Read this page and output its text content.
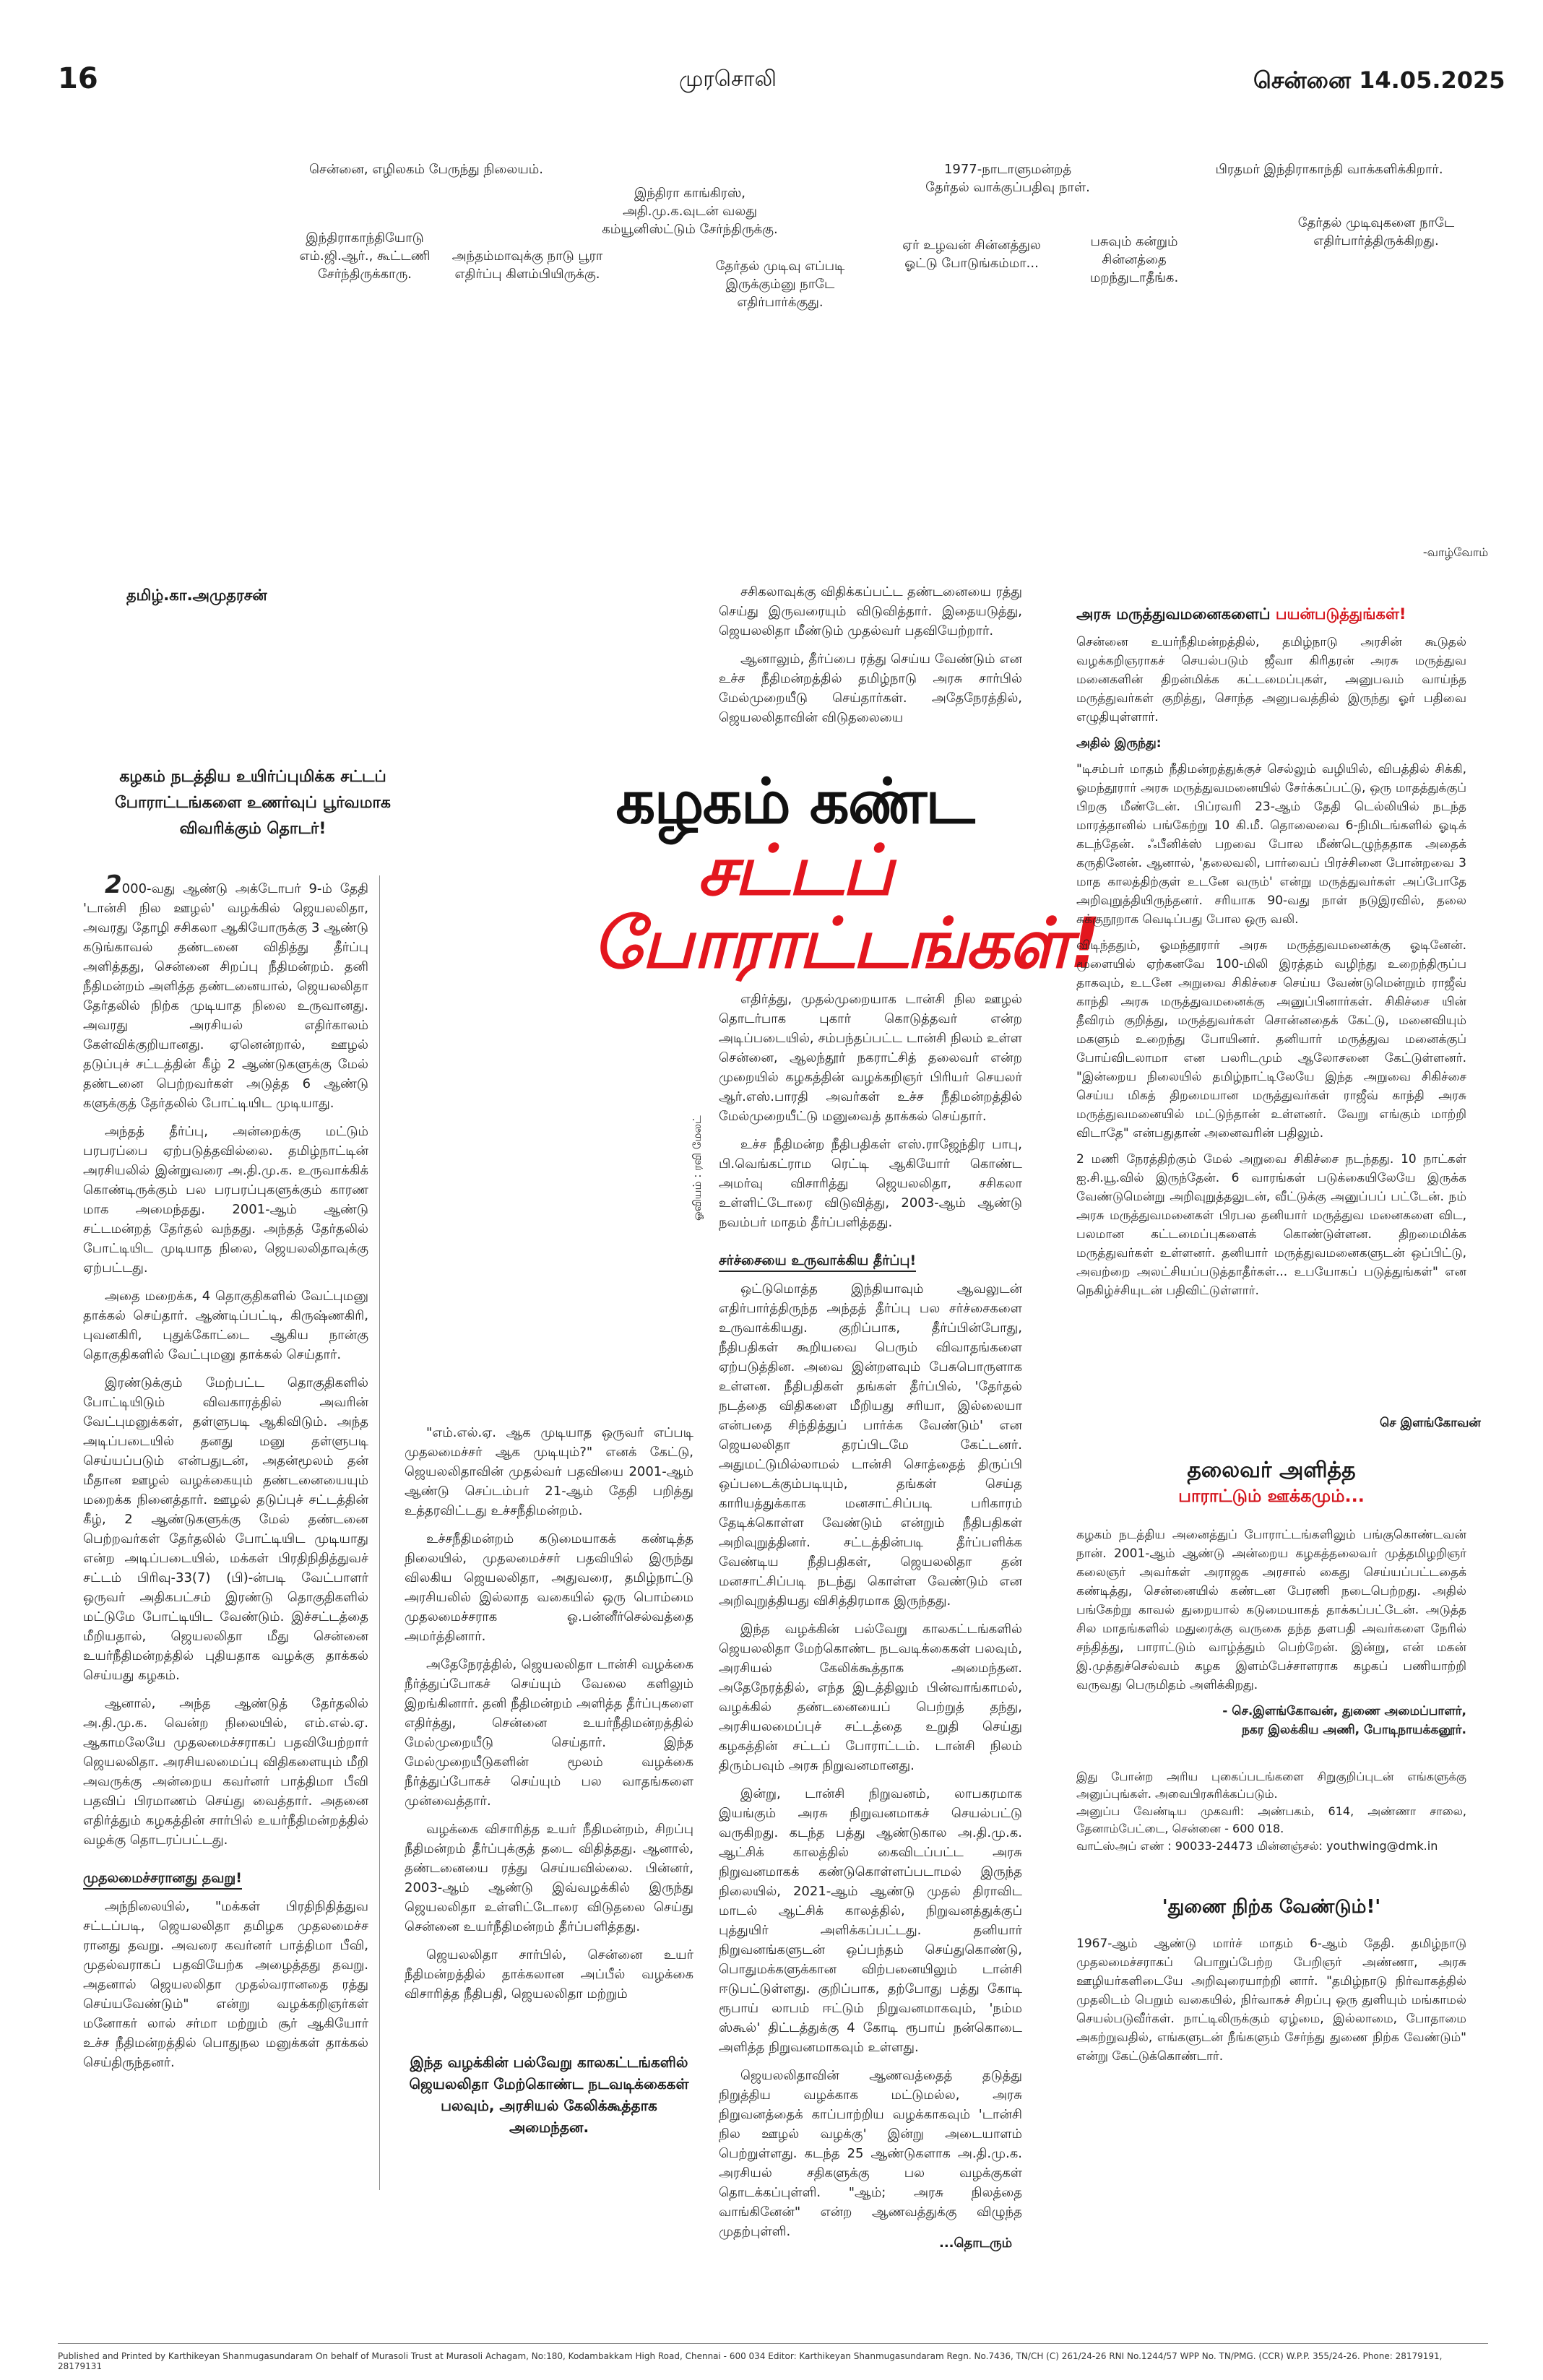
16	முரசொலி	சென்னை 14.05.2025
சென்னை, எழிலகம் பேருந்து நிலையம்.
இந்திரா காங்கிரஸ், அதி.மு.க.வுடன் வலது கம்யூனிஸ்ட்டும் சேர்ந்திருக்கு.
1977-நாடாளுமன்றத் தேர்தல் வாக்குப்பதிவு நாள்.
பிரதமர் இந்திராகாந்தி வாக்களிக்கிறார்.
இந்திராகாந்தியோடு எம்.ஜி.ஆர்., கூட்டணி சேர்ந்திருக்காரு.
அந்தம்மாவுக்கு நாடு பூரா எதிர்ப்பு கிளம்பியிருக்கு.
தேர்தல் முடிவு எப்படி இருக்கும்னு நாடே எதிர்பார்க்குது.
ஏர் உழவன் சின்னத்துல ஓட்டு போடுங்கம்மா...
பசுவும் கன்றும் சின்னத்தை மறந்துடாதீங்க.
தேர்தல் முடிவுகளை நாடே எதிர்பார்த்திருக்கிறது.
-வாழ்வோம்
தமிழ்.கா.அமுதரசன்
கழகம் நடத்திய உயிர்ப்புமிக்க சட்டப் போராட்டங்களை உணர்வுப் பூர்வமாக விவரிக்கும் தொடர்!	கழகம் கண்ட
சட்டப்
போராட்டங்கள்!
ஓவியம் : ரவி மேலட்

2000-வது ஆண்டு அக்டோபர் 9-ம் தேதி 'டான்சி நில ஊழல்' வழக்கில் ஜெயலலிதா, அவரது தோழி சசிகலா ஆகியோருக்கு 3 ஆண்டு கடுங்காவல் தண்டனை விதித்து தீர்ப்பு அளித்தது, சென்னை சிறப்பு நீதிமன்றம். தனி நீதிமன்றம் அளித்த தண்டனையால், ஜெயலலிதா தேர்தலில் நிற்க முடியாத நிலை உருவானது. அவரது அரசியல் எதிர்காலம் கேள்விக்குறியானது. ஏனென்றால், ஊழல் தடுப்புச் சட்டத்தின் கீழ் 2 ஆண்டுகளுக்கு மேல் தண்டனை பெற்றவர்கள் அடுத்த 6 ஆண்டு களுக்குத் தேர்தலில் போட்டியிட முடியாது.

அந்தத் தீர்ப்பு, அன்றைக்கு மட்டும் பரபரப்பை ஏற்படுத்தவில்லை. தமிழ்நாட்டின் அரசியலில் இன்றுவரை அ.தி.மு.க. உருவாக்கிக் கொண்டிருக்கும் பல பரபரப்புகளுக்கும் காரண மாக அமைந்தது. 2001-ஆம் ஆண்டு சட்டமன்றத் தேர்தல் வந்தது. அந்தத் தேர்தலில் போட்டியிட முடியாத நிலை, ஜெயலலிதாவுக்கு ஏற்பட்டது.

அதை மறைக்க, 4 தொகுதிகளில் வேட்புமனு தாக்கல் செய்தார். ஆண்டிப்பட்டி, கிருஷ்ணகிரி, புவனகிரி, புதுக்கோட்டை ஆகிய நான்கு தொகுதிகளில் வேட்புமனு தாக்கல் செய்தார்.

இரண்டுக்கும் மேற்பட்ட தொகுதிகளில் போட்டியிடும் விவகாரத்தில் அவரின் வேட்புமனுக்கள், தள்ளுபடி ஆகிவிடும். அந்த அடிப்படையில் தனது மனு தள்ளுபடி செய்யப்படும் என்பதுடன், அதன்மூலம் தன் மீதான ஊழல் வழக்கையும் தண்டனையையும் மறைக்க நினைத்தார். ஊழல் தடுப்புச் சட்டத்தின் கீழ், 2 ஆண்டுகளுக்கு மேல் தண்டனை பெற்றவர்கள் தேர்தலில் போட்டியிட முடியாது என்ற அடிப்படையில், மக்கள் பிரதிநிதித்துவச் சட்டம் பிரிவு-33(7) (பி)-ன்படி வேட்பாளர் ஒருவர் அதிகபட்சம் இரண்டு தொகுதிகளில் மட்டுமே போட்டியிட வேண்டும். இச்சட்டத்தை மீறியதால், ஜெயலலிதா மீது சென்னை உயர்நீதிமன்றத்தில் புதியதாக வழக்கு தாக்கல் செய்யது கழகம்.

ஆனால், அந்த ஆண்டுத் தேர்தலில் அ.தி.மு.க. வென்ற நிலையில், எம்.எல்.ஏ. ஆகாமலேயே முதலமைச்சராகப் பதவியேற்றார் ஜெயலலிதா. அரசியலமைப்பு விதிகளையும் மீறி அவருக்கு அன்றைய கவர்னர் பாத்திமா பீவி பதவிப் பிரமாணம் செய்து வைத்தார். அதனை எதிர்த்தும் கழகத்தின் சார்பில் உயர்நீதிமன்றத்தில் வழக்கு தொடரப்பட்டது.

முதலமைச்சரானது தவறு!

அந்நிலையில், "மக்கள் பிரதிநிதித்துவ சட்டப்படி, ஜெயலலிதா தமிழக முதலமைச்ச ரானது தவறு. அவரை கவர்னர் பாத்திமா பீவி, முதல்வராகப் பதவியேற்க அழைத்தது தவறு. அதனால் ஜெயலலிதா முதல்வரானதை ரத்து செய்யவேண்டும்" என்று வழக்கறிஞர்கள் மனோகர் லால் சர்மா மற்றும் சூர் ஆகியோர் உச்ச நீதிமன்றத்தில் பொதுநல மனுக்கள் தாக்கல் செய்திருந்தனர்.

"எம்.எல்.ஏ. ஆக முடியாத ஒருவர் எப்படி முதலமைச்சர் ஆக முடியும்?" எனக் கேட்டு, ஜெயலலிதாவின் முதல்வர் பதவியை 2001-ஆம் ஆண்டு செப்டம்பர் 21-ஆம் தேதி பறித்து உத்தரவிட்டது உச்சநீதிமன்றம்.

உச்சநீதிமன்றம் கடுமையாகக் கண்டித்த நிலையில், முதலமைச்சர் பதவியில் இருந்து விலகிய ஜெயலலிதா, அதுவரை, தமிழ்நாட்டு அரசியலில் இல்லாத வகையில் ஒரு பொம்மை முதலமைச்சராக ஓ.பன்னீர்செல்வத்தை அமர்த்தினார்.

அதேநேரத்தில், ஜெயலலிதா டான்சி வழக்கை நீர்த்துப்போகச் செய்யும் வேலை களிலும் இறங்கினார். தனி நீதிமன்றம் அளித்த தீர்ப்புகளை எதிர்த்து, சென்னை உயர்நீதிமன்றத்தில் மேல்முறையீடு செய்தார். இந்த மேல்முறையீடுகளின் மூலம் வழக்கை நீர்த்துப்போகச் செய்யும் பல வாதங்களை முன்வைத்தார்.

வழக்கை விசாரித்த உயர் நீதிமன்றம், சிறப்பு நீதிமன்றம் தீர்ப்புக்குத் தடை விதித்தது. ஆனால், தண்டனையை ரத்து செய்யவில்லை. பின்னர், 2003-ஆம் ஆண்டு இவ்வழக்கில் இருந்து ஜெயலலிதா உள்ளிட்டோரை விடுதலை செய்து சென்னை உயர்நீதிமன்றம் தீர்ப்பளித்தது.

ஜெயலலிதா சார்பில், சென்னை உயர் நீதிமன்றத்தில் தாக்கலான அப்பீல் வழக்கை விசாரித்த நீதிபதி, ஜெயலலிதா மற்றும்

இந்த வழக்கின் பல்வேறு காலகட்டங்களில் ஜெயலலிதா மேற்கொண்ட நடவடிக்கைகள் பலவும், அரசியல் கேலிக்கூத்தாக அமைந்தன.

சசிகலாவுக்கு விதிக்கப்பட்ட தண்டனையை ரத்து செய்து இருவரையும் விடுவித்தார். இதையடுத்து, ஜெயலலிதா மீண்டும் முதல்வர் பதவியேற்றார்.

ஆனாலும், தீர்ப்பை ரத்து செய்ய வேண்டும் என உச்ச நீதிமன்றத்தில் தமிழ்நாடு அரசு சார்பில் மேல்முறையீடு செய்தார்கள். அதேநேரத்தில், ஜெயலலிதாவின் விடுதலையை

எதிர்த்து, முதல்முறையாக டான்சி நில ஊழல் தொடர்பாக புகார் கொடுத்தவர் என்ற அடிப்படையில், சம்பந்தப்பட்ட டான்சி நிலம் உள்ள சென்னை, ஆலந்தூர் நகராட்சித் தலைவர் என்ற முறையில் கழகத்தின் வழக்கறிஞர் பிரியர் செயலர் ஆர்.எஸ்.பாரதி அவர்கள் உச்ச நீதிமன்றத்தில் மேல்முறையீட்டு மனுவைத் தாக்கல் செய்தார்.

உச்ச நீதிமன்ற நீதிபதிகள் எஸ்.ராஜேந்திர பாபு, பி.வெங்கட்ராம ரெட்டி ஆகியோர் கொண்ட அமர்வு விசாரித்து ஜெயலலிதா, சசிகலா உள்ளிட்டோரை விடுவித்து, 2003-ஆம் ஆண்டு நவம்பர் மாதம் தீர்ப்பளித்தது.

சர்ச்சையை உருவாக்கிய தீர்ப்பு!

ஒட்டுமொத்த இந்தியாவும் ஆவலுடன் எதிர்பார்த்திருந்த அந்தத் தீர்ப்பு பல சர்ச்சைகளை உருவாக்கியது. குறிப்பாக, தீர்ப்பின்போது, நீதிபதிகள் கூறியவை பெரும் விவாதங்களை ஏற்படுத்தின. அவை இன்றளவும் பேசுபொருளாக உள்ளன. நீதிபதிகள் தங்கள் தீர்ப்பில், 'தேர்தல் நடத்தை விதிகளை மீறியது சரியா, இல்லையா என்பதை சிந்தித்துப் பார்க்க வேண்டும்' என ஜெயலலிதா தரப்பிடமே கேட்டனர். அதுமட்டுமில்லாமல் டான்சி சொத்தைத் திருப்பி ஒப்படைக்கும்படியும், தங்கள் செய்த காரியத்துக்காக மனசாட்சிப்படி பரிகாரம் தேடிக்கொள்ள வேண்டும் என்றும் நீதிபதிகள் அறிவுறுத்தினர். சட்டத்தின்படி தீர்ப்பளிக்க வேண்டிய நீதிபதிகள், ஜெயலலிதா தன் மனசாட்சிப்படி நடந்து கொள்ள வேண்டும் என அறிவுறுத்தியது விசித்திரமாக இருந்தது.

இந்த வழக்கின் பல்வேறு காலகட்டங்களில் ஜெயலலிதா மேற்கொண்ட நடவடிக்கைகள் பலவும், அரசியல் கேலிக்கூத்தாக அமைந்தன. அதேநேரத்தில், எந்த இடத்திலும் பின்வாங்காமல், வழக்கில் தண்டனையைப் பெற்றுத் தந்து, அரசியலமைப்புச் சட்டத்தை உறுதி செய்து கழகத்தின் சட்டப் போராட்டம். டான்சி நிலம் திரும்பவும் அரசு நிறுவனமானது.

இன்று, டான்சி நிறுவனம், லாபகரமாக இயங்கும் அரசு நிறுவனமாகச் செயல்பட்டு வருகிறது. கடந்த பத்து ஆண்டுகால அ.தி.மு.க. ஆட்சிக் காலத்தில் கைவிடப்பட்ட அரசு நிறுவனமாகக் கண்டுகொள்ளப்படாமல் இருந்த நிலையில், 2021-ஆம் ஆண்டு முதல் திராவிட மாடல் ஆட்சிக் காலத்தில், நிறுவனத்துக்குப் புத்துயிர் அளிக்கப்பட்டது. தனியார் நிறுவனங்களுடன் ஒப்பந்தம் செய்துகொண்டு, பொதுமக்களுக்கான விற்பனையிலும் டான்சி ஈடுபட்டுள்ளது. குறிப்பாக, தற்போது பத்து கோடி ரூபாய் லாபம் ஈட்டும் நிறுவனமாகவும், 'நம்ம ஸ்கூல்' திட்டத்துக்கு 4 கோடி ரூபாய் நன்கொடை அளித்த நிறுவனமாகவும் உள்ளது.

ஜெயலலிதாவின் ஆணவத்தைத் தடுத்து நிறுத்திய வழக்காக மட்டுமல்ல, அரசு நிறுவனத்தைக் காப்பாற்றிய வழக்காகவும் 'டான்சி நில ஊழல் வழக்கு' இன்று அடையாளம் பெற்றுள்ளது. கடந்த 25 ஆண்டுகளாக அ.தி.மு.க. அரசியல் சதிகளுக்கு பல வழக்குகள் தொடக்கப்புள்ளி. "ஆம்; அரசு நிலத்தை வாங்கினேன்" என்ற ஆணவத்துக்கு விழுந்த முதற்புள்ளி.

...தொடரும்
அரசு மருத்துவமனைகளைப் பயன்படுத்துங்கள்!

சென்னை உயர்நீதிமன்றத்தில், தமிழ்நாடு அரசின் கூடுதல் வழக்கறிஞராகச் செயல்படும் ஜீவா கிரிதரன் அரசு மருத்துவ மனைகளின் திறன்மிக்க கட்டமைப்புகள், அனுபவம் வாய்ந்த மருத்துவர்கள் குறித்து, சொந்த அனுபவத்தில் இருந்து ஓர் பதிவை எழுதியுள்ளார்.

அதில் இருந்து:

"டிசம்பர் மாதம் நீதிமன்றத்துக்குச் செல்லும் வழியில், விபத்தில் சிக்கி, ஓமந்தூரார் அரசு மருத்துவமனையில் சேர்க்கப்பட்டு, ஒரு மாதத்துக்குப் பிறகு மீண்டேன். பிப்ரவரி 23-ஆம் தேதி டெல்லியில் நடந்த மாரத்தானில் பங்கேற்று 10 கி.மீ. தொலைவை 6-நிமிடங்களில் ஓடிக் கடந்தேன். ஃபீனிக்ஸ் பறவை போல மீண்டெழுந்ததாக அதைக் கருதினேன். ஆனால், 'தலைவலி, பார்வைப் பிரச்சினை போன்றவை 3 மாத காலத்திற்குள் உடனே வரும்' என்று மருத்துவர்கள் அப்போதே அறிவுறுத்தியிருந்தனர். சரியாக 90-வது நாள் நடுஇரவில், தலை சுக்குநூறாக வெடிப்பது போல ஒரு வலி.

விடிந்ததும், ஓமந்தூரார் அரசு மருத்துவமனைக்கு ஓடினேன். மூளையில் ஏற்கனவே 100-மிலி இரத்தம் வழிந்து உறைந்திருப்ப தாகவும், உடனே அறுவை சிகிச்சை செய்ய வேண்டுமென்றும் ராஜீவ் காந்தி அரசு மருத்துவமனைக்கு அனுப்பினார்கள். சிகிச்சை யின் தீவிரம் குறித்து, மருத்துவர்கள் சொன்னதைக் கேட்டு, மனைவியும் மகளும் உறைந்து போயினர். தனியார் மருத்துவ மனைக்குப் போய்விடலாமா என பலரிடமும் ஆலோசனை கேட்டுள்ளனர். "இன்றைய நிலையில் தமிழ்நாட்டிலேயே இந்த அறுவை சிகிச்சை செய்ய மிகத் திறமையான மருத்துவர்கள் ராஜீவ் காந்தி அரசு மருத்துவமனையில் மட்டுந்தான் உள்ளனர். வேறு எங்கும் மாற்றி விடாதே" என்பதுதான் அனைவரின் பதிலும்.

2 மணி நேரத்திற்கும் மேல் அறுவை சிகிச்சை நடந்தது. 10 நாட்கள் ஐ.சி.யூ.வில் இருந்தேன். 6 வாரங்கள் படுக்கையிலேயே இருக்க வேண்டுமென்று அறிவுறுத்தலுடன், வீட்டுக்கு அனுப்பப் பட்டேன். நம் அரசு மருத்துவமனைகள் பிரபல தனியார் மருத்துவ மனைகளை விட, பலமான கட்டமைப்புகளைக் கொண்டுள்ளன. திறமைமிக்க மருத்துவர்கள் உள்ளனர். தனியார் மருத்துவமனைகளுடன் ஒப்பிட்டு, அவற்றை அலட்சியப்படுத்தாதீர்கள்... உபயோகப் படுத்துங்கள்" என நெகிழ்ச்சியுடன் பதிவிட்டுள்ளார்.

செ இளங்கோவன்
தலைவர் அளித்த
பாராட்டும் ஊக்கமும்...

கழகம் நடத்திய அனைத்துப் போராட்டங்களிலும் பங்குகொண்டவன் நான். 2001-ஆம் ஆண்டு அன்றைய கழகத்தலைவர் முத்தமிழறிஞர் கலைஞர் அவர்கள் அராஜக அரசால் கைது செய்யப்பட்டதைக் கண்டித்து, சென்னையில் கண்டன பேரணி நடைபெற்றது. அதில் பங்கேற்று காவல் துறையால் கடுமையாகத் தாக்கப்பட்டேன். அடுத்த சில மாதங்களில் மதுரைக்கு வருகை தந்த தளபதி அவர்களை நேரில் சந்தித்து, பாராட்டும் வாழ்த்தும் பெற்றேன். இன்று, என் மகன் இ.முத்துச்செல்வம் கழக இளம்பேச்சாளராக கழகப் பணியாற்றி வருவது பெருமிதம் அளிக்கிறது.

- செ.இளங்கோவன், துணை அமைப்பாளர்,

நகர இலக்கிய அணி, போடிநாயக்கனூர்.

இது போன்ற அரிய புகைப்படங்களை சிறுகுறிப்புடன் எங்களுக்கு அனுப்புங்கள். அவைபிரசுரிக்கப்படும்.

அனுப்ப வேண்டிய முகவரி: அண்பகம், 614, அண்ணா சாலை, தேனாம்பேட்டை, சென்னை - 600 018.

வாட்ஸ்அப் எண் : 90033-24473 மின்னஞ்சல்: youthwing@dmk.in

'துணை நிற்க வேண்டும்!'

1967-ஆம் ஆண்டு மார்ச் மாதம் 6-ஆம் தேதி. தமிழ்நாடு முதலமைச்சராகப் பொறுப்பேற்ற பேறிஞர் அண்ணா, அரசு ஊழியர்களிடையே அறிவுரையாற்றி னார். "தமிழ்நாடு நிர்வாகத்தில் முதலிடம் பெறும் வகையில், நிர்வாகச் சிறப்பு ஒரு துளியும் மங்காமல் செயல்படுவீர்கள். நாட்டிலிருக்கும் ஏழ்மை, இல்லாமை, போதாமை அகற்றுவதில், எங்களுடன் நீங்களும் சேர்ந்து துணை நிற்க வேண்டும்" என்று கேட்டுக்கொண்டார்.

Published and Printed by Karthikeyan Shanmugasundaram On behalf of Murasoli Trust at Murasoli Achagam, No:180, Kodambakkam High Road, Chennai - 600 034 Editor: Karthikeyan Shanmugasundaram Regn. No.7436, TN/CH (C) 261/24-26 RNI No.1244/57 WPP No. TN/PMG. (CCR) W.P.P. 355/24-26. Phone: 28179191, 28179131
